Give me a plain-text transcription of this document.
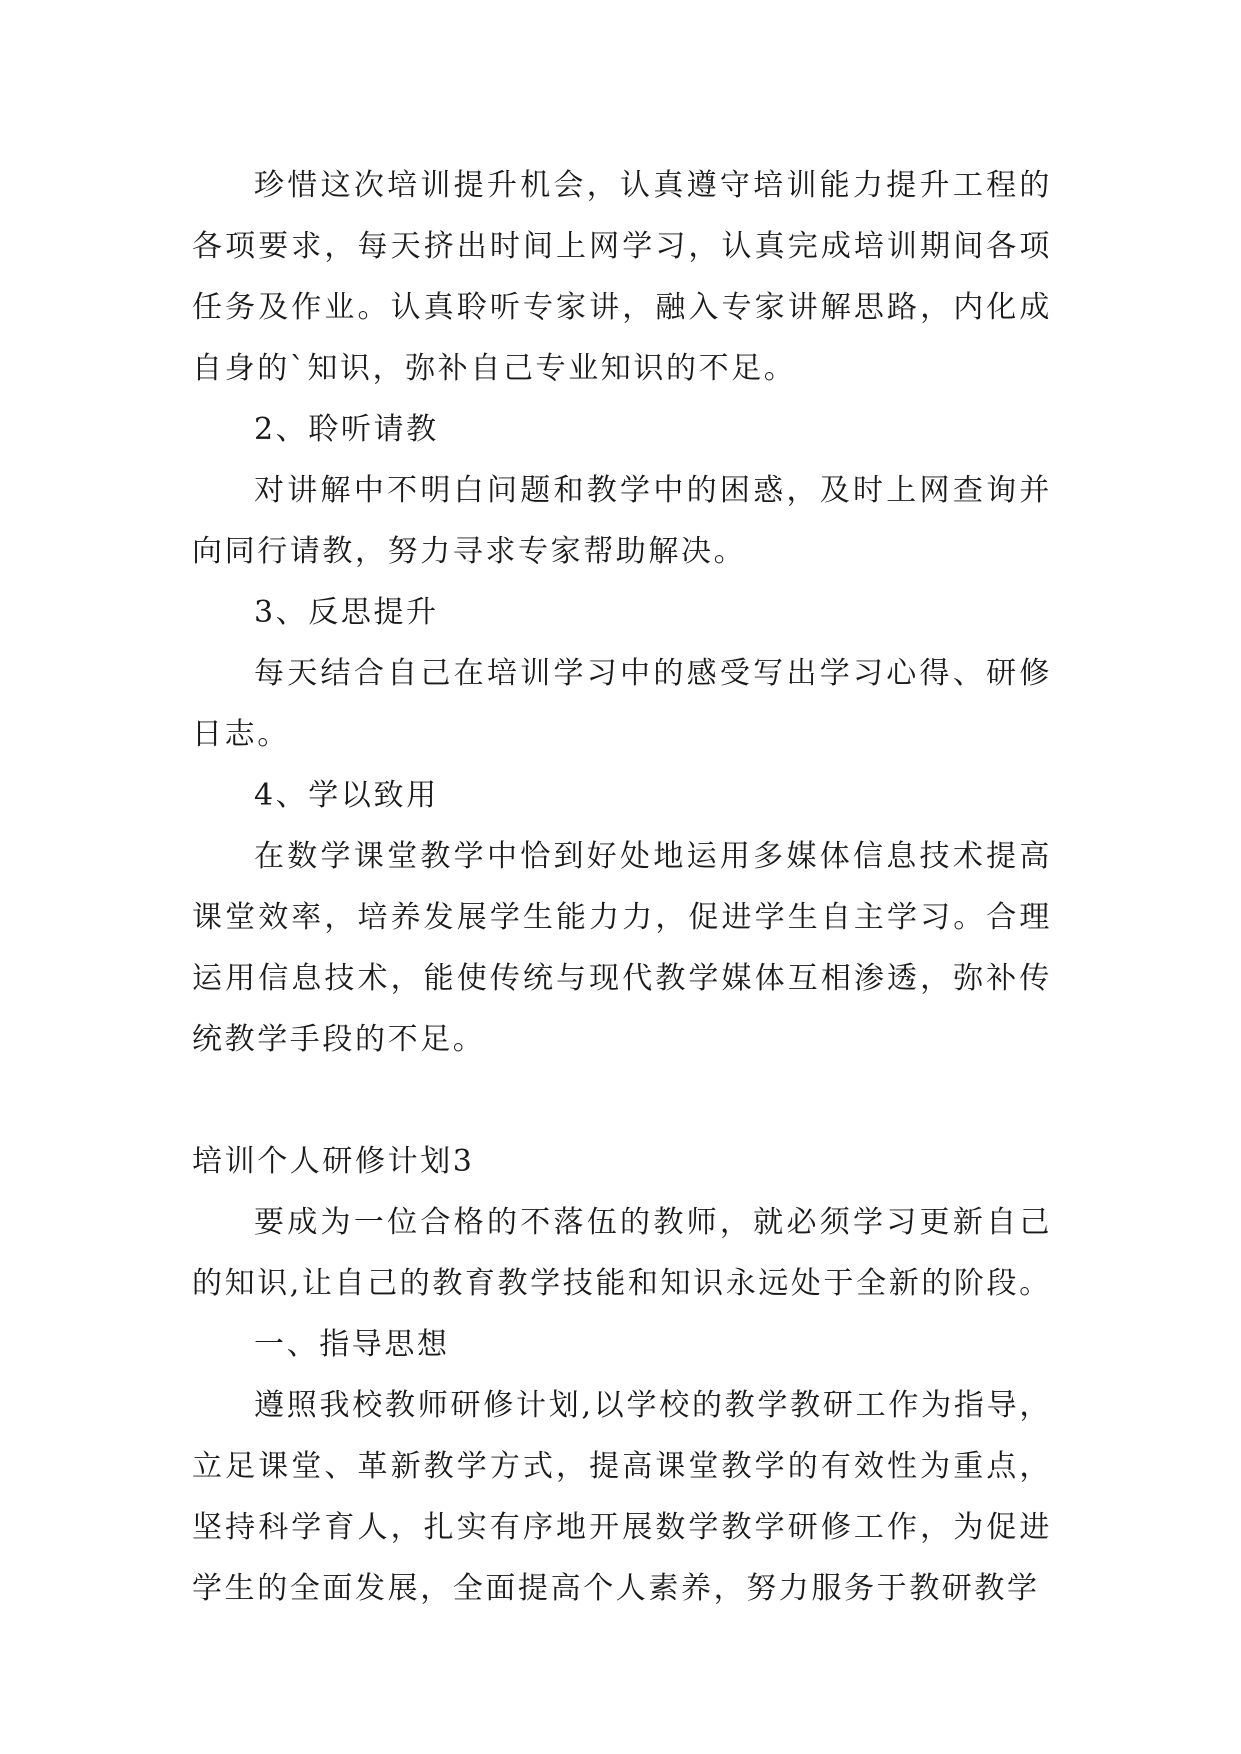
珍惜这次培训提升机会，认真遵守培训能力提升工程的各项要求，每天挤出时间上网学习，认真完成培训期间各项任务及作业。认真聆听专家讲，融入专家讲解思路，内化成自身的`知识，弥补自己专业知识的不足。

2、聆听请教

对讲解中不明白问题和教学中的困惑，及时上网查询并向同行请教，努力寻求专家帮助解决。

3、反思提升

每天结合自己在培训学习中的感受写出学习心得、研修日志。

4、学以致用

在数学课堂教学中恰到好处地运用多媒体信息技术提高课堂效率，培养发展学生能力力，促进学生自主学习。合理运用信息技术，能使传统与现代教学媒体互相渗透，弥补传统教学手段的不足。

培训个人研修计划3

要成为一位合格的不落伍的教师，就必须学习更新自己的知识,让自己的教育教学技能和知识永远处于全新的阶段。

一、指导思想

遵照我校教师研修计划,以学校的教学教研工作为指导，立足课堂、革新教学方式，提高课堂教学的有效性为重点，坚持科学育人，扎实有序地开展数学教学研修工作，为促进学生的全面发展，全面提高个人素养，努力服务于教研教学
